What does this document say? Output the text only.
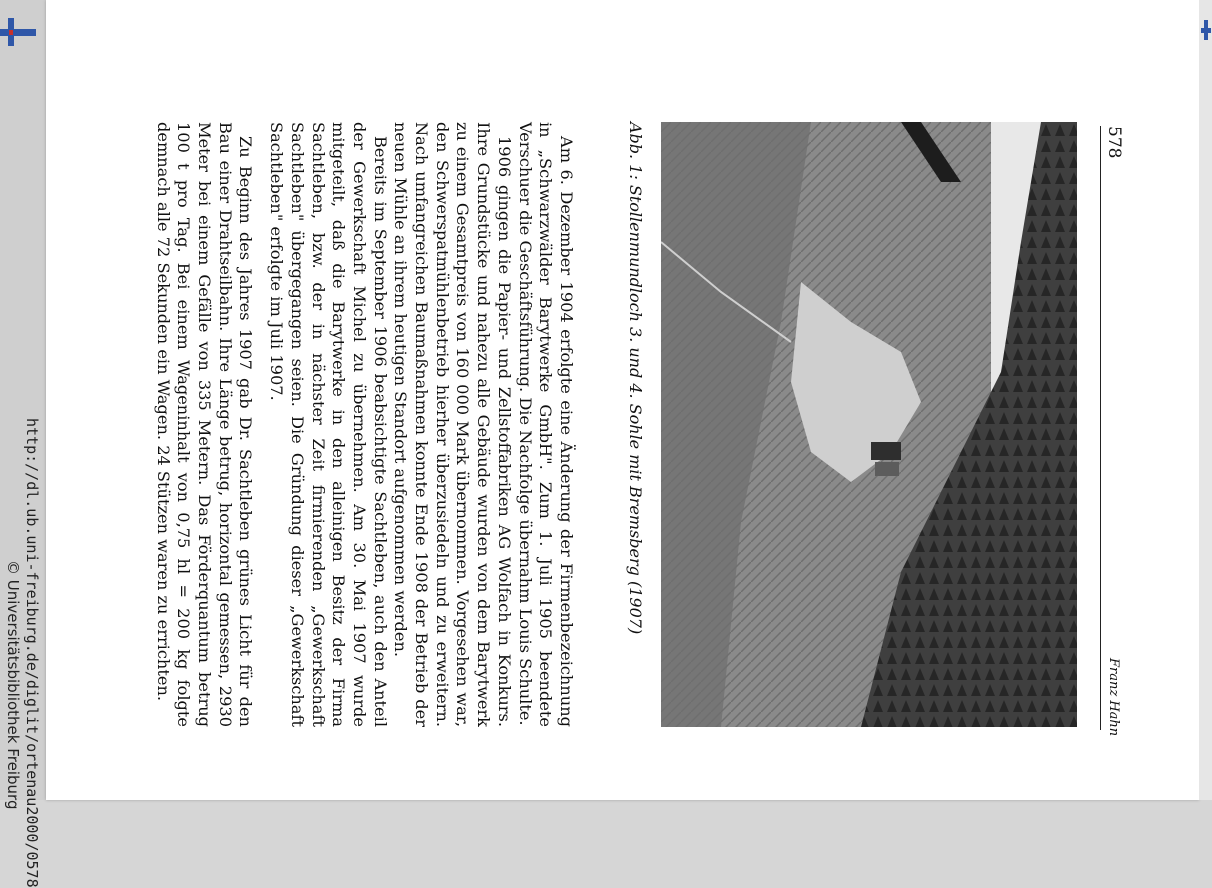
http://dl.ub.uni-freiburg.de/diglit/ortenau2000/0578
© Universitätsbibliothek Freiburg
578
Franz Hahn
Abb. 1: Stollenmundloch 3. und 4. Sohle mit Bremsberg (1907)

Am 6. Dezember 1904 erfolgte eine Änderung der Firmenbezeichnung in „Schwarzwälder Barytwerke GmbH". Zum 1. Juli 1905 beendete Verschuer die Geschäftsführung. Die Nachfolge übernahm Louis Schulte.

1906 gingen die Papier- und Zellstoffabriken AG Wolfach in Konkurs. Ihre Grundstücke und nahezu alle Gebäude wurden von dem Barytwerk zu einem Gesamtpreis von 160 000 Mark übernommen. Vorgesehen war, den Schwerspatmühlenbetrieb hierher überzusiedeln und zu erweitern. Nach umfangreichen Baumaßnahmen konnte Ende 1908 der Betrieb der neuen Mühle an ihrem heutigen Standort aufgenommen werden.

Bereits im September 1906 beabsichtigte Sachtleben, auch den Anteil der Gewerkschaft Michel zu übernehmen. Am 30. Mai 1907 wurde mitgeteilt, daß die Barytwerke in den alleinigen Besitz der Firma Sachtleben, bzw. der in nächster Zeit firmierenden „Gewerkschaft Sachtleben" übergegangen seien. Die Gründung dieser „Gewerkschaft Sachtleben" erfolgte im Juli 1907.

Zu Beginn des Jahres 1907 gab Dr. Sachtleben grünes Licht für den Bau einer Drahtseilbahn. Ihre Länge betrug, horizontal gemessen, 2930 Meter bei einem Gefälle von 335 Metern. Das Förderquantum betrug 100 t pro Tag. Bei einem Wageninhalt von 0,75 hl = 200 kg folgte demnach alle 72 Sekunden ein Wagen. 24 Stützen waren zu errichten.
